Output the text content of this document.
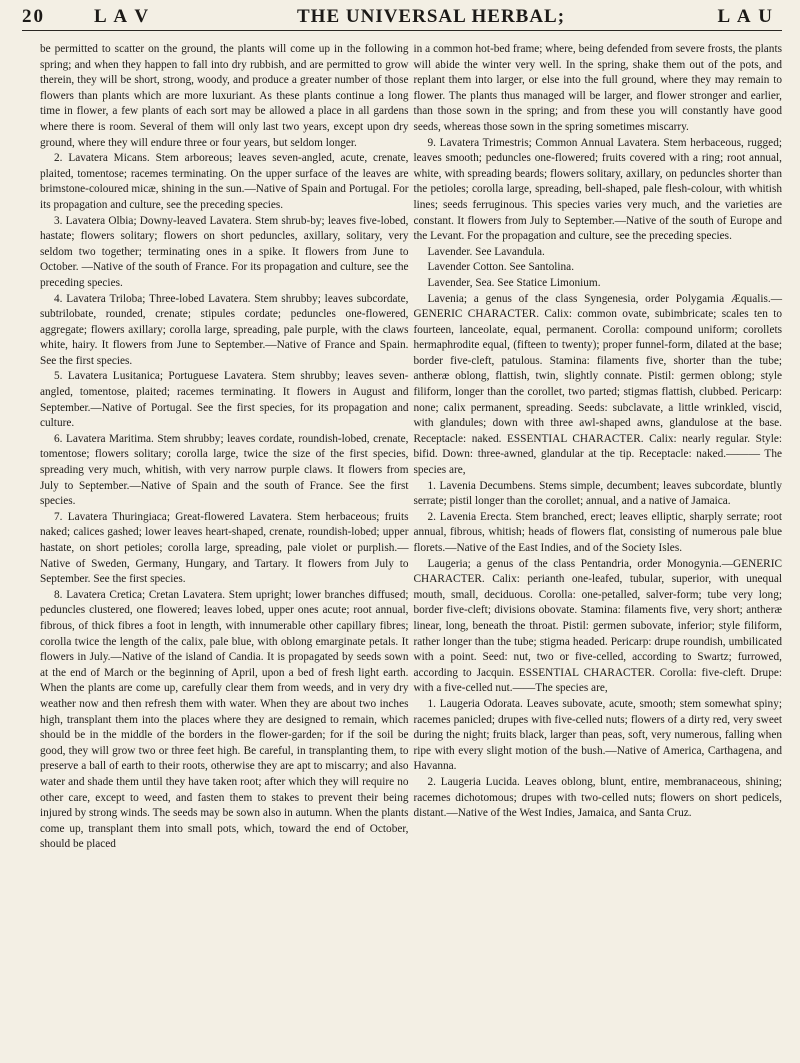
20	L A V	THE UNIVERSAL HERBAL;	L A U

be permitted to scatter on the ground, the plants will come up in the following spring; and when they happen to fall into dry rubbish, and are permitted to grow therein, they will be short, strong, woody, and produce a greater number of those flowers than plants which are more luxuriant. As these plants continue a long time in flower, a few plants of each sort may be allowed a place in all gardens where there is room. Several of them will only last two years, except upon dry ground, where they will endure three or four years, but seldom longer.

2. Lavatera Micans. Stem arboreous; leaves seven-angled, acute, crenate, plaited, tomentose; racemes terminating. On the upper surface of the leaves are brimstone-coloured micæ, shining in the sun.—Native of Spain and Portugal. For its propagation and culture, see the preceding species.

3. Lavatera Olbia; Downy-leaved Lavatera. Stem shrub-by; leaves five-lobed, hastate; flowers solitary; flowers on short peduncles, axillary, solitary, very seldom two together; terminating ones in a spike. It flowers from June to October. —Native of the south of France. For its propagation and culture, see the preceding species.

4. Lavatera Triloba; Three-lobed Lavatera. Stem shrubby; leaves subcordate, subtrilobate, rounded, crenate; stipules cordate; peduncles one-flowered, aggregate; flowers axillary; corolla large, spreading, pale purple, with the claws white, hairy. It flowers from June to September.—Native of France and Spain. See the first species.

5. Lavatera Lusitanica; Portuguese Lavatera. Stem shrubby; leaves seven-angled, tomentose, plaited; racemes terminating. It flowers in August and September.—Native of Portugal. See the first species, for its propagation and culture.

6. Lavatera Maritima. Stem shrubby; leaves cordate, roundish-lobed, crenate, tomentose; flowers solitary; corolla large, twice the size of the first species, spreading very much, whitish, with very narrow purple claws. It flowers from July to September.—Native of Spain and the south of France. See the first species.

7. Lavatera Thuringiaca; Great-flowered Lavatera. Stem herbaceous; fruits naked; calices gashed; lower leaves heart-shaped, crenate, roundish-lobed; upper hastate, on short petioles; corolla large, spreading, pale violet or purplish.—Native of Sweden, Germany, Hungary, and Tartary. It flowers from July to September. See the first species.

8. Lavatera Cretica; Cretan Lavatera. Stem upright; lower branches diffused; peduncles clustered, one flowered; leaves lobed, upper ones acute; root annual, fibrous, of thick fibres a foot in length, with innumerable other capillary fibres; corolla twice the length of the calix, pale blue, with oblong emarginate petals. It flowers in July.—Native of the island of Candia. It is propagated by seeds sown at the end of March or the beginning of April, upon a bed of fresh light earth. When the plants are come up, carefully clear them from weeds, and in very dry weather now and then refresh them with water. When they are about two inches high, transplant them into the places where they are designed to remain, which should be in the middle of the borders in the flower-garden; for if the soil be good, they will grow two or three feet high. Be careful, in transplanting them, to preserve a ball of earth to their roots, otherwise they are apt to miscarry; and also water and shade them until they have taken root; after which they will require no other care, except to weed, and fasten them to stakes to prevent their being injured by strong winds. The seeds may be sown also in autumn. When the plants come up, transplant them into small pots, which, toward the end of October, should be placed

in a common hot-bed frame; where, being defended from severe frosts, the plants will abide the winter very well. In the spring, shake them out of the pots, and replant them into larger, or else into the full ground, where they may remain to flower. The plants thus managed will be larger, and flower stronger and earlier, than those sown in the spring; and from these you will constantly have good seeds, whereas those sown in the spring sometimes miscarry.

9. Lavatera Trimestris; Common Annual Lavatera. Stem herbaceous, rugged; leaves smooth; peduncles one-flowered; fruits covered with a ring; root annual, white, with spreading beards; flowers solitary, axillary, on peduncles shorter than the petioles; corolla large, spreading, bell-shaped, pale flesh-colour, with whitish lines; seeds ferruginous. This species varies very much, and the varieties are constant. It flowers from July to September.—Native of the south of Europe and the Levant. For the propagation and culture, see the preceding species.

Lavender. See Lavandula.

Lavender Cotton. See Santolina.

Lavender, Sea. See Statice Limonium.

Lavenia; a genus of the class Syngenesia, order Polygamia Æqualis.—GENERIC CHARACTER. Calix: common ovate, subimbricate; scales ten to fourteen, lanceolate, equal, permanent. Corolla: compound uniform; corollets hermaphrodite equal, (fifteen to twenty); proper funnel-form, dilated at the base; border five-cleft, patulous. Stamina: filaments five, shorter than the tube; antheræ oblong, flattish, twin, slightly connate. Pistil: germen oblong; style filiform, longer than the corollet, two parted; stigmas flattish, clubbed. Pericarp: none; calix permanent, spreading. Seeds: subclavate, a little wrinkled, viscid, with glandules; down with three awl-shaped awns, glandulose at the base. Receptacle: naked. ESSENTIAL CHARACTER. Calix: nearly regular. Style: bifid. Down: three-awned, glandular at the tip. Receptacle: naked.——— The species are,

1. Lavenia Decumbens. Stems simple, decumbent; leaves subcordate, bluntly serrate; pistil longer than the corollet; annual, and a native of Jamaica.

2. Lavenia Erecta. Stem branched, erect; leaves elliptic, sharply serrate; root annual, fibrous, whitish; heads of flowers flat, consisting of numerous pale blue florets.—Native of the East Indies, and of the Society Isles.

Laugeria; a genus of the class Pentandria, order Monogynia.—GENERIC CHARACTER. Calix: perianth one-leafed, tubular, superior, with unequal mouth, small, deciduous. Corolla: one-petalled, salver-form; tube very long; border five-cleft; divisions obovate. Stamina: filaments five, very short; antheræ linear, long, beneath the throat. Pistil: germen subovate, inferior; style filiform, rather longer than the tube; stigma headed. Pericarp: drupe roundish, umbilicated with a point. Seed: nut, two or five-celled, according to Swartz; furrowed, according to Jacquin. ESSENTIAL CHARACTER. Corolla: five-cleft. Drupe: with a five-celled nut.——The species are,

1. Laugeria Odorata. Leaves subovate, acute, smooth; stem somewhat spiny; racemes panicled; drupes with five-celled nuts; flowers of a dirty red, very sweet during the night; fruits black, larger than peas, soft, very numerous, falling when ripe with every slight motion of the bush.—Native of America, Carthagena, and Havanna.

2. Laugeria Lucida. Leaves oblong, blunt, entire, membranaceous, shining; racemes dichotomous; drupes with two-celled nuts; flowers on short pedicels, distant.—Native of the West Indies, Jamaica, and Santa Cruz.
